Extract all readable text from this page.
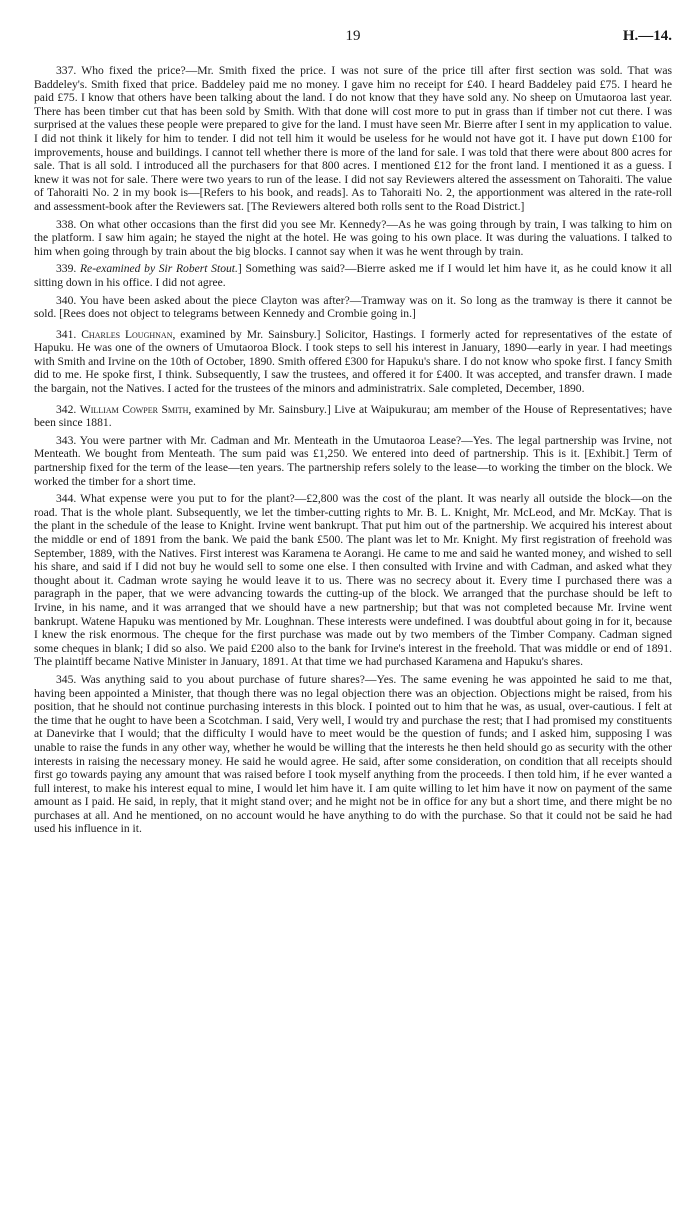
19	H.—14.

337. Who fixed the price?—Mr. Smith fixed the price. I was not sure of the price till after first section was sold. That was Baddeley's. Smith fixed that price. Baddeley paid me no money. I gave him no receipt for £40. I heard Baddeley paid £75. I heard he paid £75. I know that others have been talking about the land. I do not know that they have sold any. No sheep on Umutaoroa last year. There has been timber cut that has been sold by Smith. With that done will cost more to put in grass than if timber not cut there. I was surprised at the values these people were prepared to give for the land. I must have seen Mr. Bierre after I sent in my application to value. I did not think it likely for him to tender. I did not tell him it would be useless for he would not have got it. I have put down £100 for improvements, house and buildings. I cannot tell whether there is more of the land for sale. I was told that there were about 800 acres for sale. That is all sold. I introduced all the purchasers for that 800 acres. I mentioned £12 for the front land. I mentioned it as a guess. I knew it was not for sale. There were two years to run of the lease. I did not say Reviewers altered the assessment on Tahoraiti. The value of Tahoraiti No. 2 in my book is—[Refers to his book, and reads]. As to Tahoraiti No. 2, the apportionment was altered in the rate-roll and assessment-book after the Reviewers sat. [The Reviewers altered both rolls sent to the Road District.]

338. On what other occasions than the first did you see Mr. Kennedy?—As he was going through by train, I was talking to him on the platform. I saw him again; he stayed the night at the hotel. He was going to his own place. It was during the valuations. I talked to him when going through by train about the big blocks. I cannot say when it was he went through by train.

339. Re-examined by Sir Robert Stout.] Something was said?—Bierre asked me if I would let him have it, as he could know it all sitting down in his office. I did not agree.

340. You have been asked about the piece Clayton was after?—Tramway was on it. So long as the tramway is there it cannot be sold. [Rees does not object to telegrams between Kennedy and Crombie going in.]

341. Charles Loughnan, examined by Mr. Sainsbury.] Solicitor, Hastings. I formerly acted for representatives of the estate of Hapuku. He was one of the owners of Umutaoroa Block. I took steps to sell his interest in January, 1890—early in year. I had meetings with Smith and Irvine on the 10th of October, 1890. Smith offered £300 for Hapuku's share. I do not know who spoke first. I fancy Smith did to me. He spoke first, I think. Subsequently, I saw the trustees, and offered it for £400. It was accepted, and transfer drawn. I made the bargain, not the Natives. I acted for the trustees of the minors and administratrix. Sale completed, December, 1890.

342. William Cowper Smith, examined by Mr. Sainsbury.] Live at Waipukurau; am member of the House of Representatives; have been since 1881.

343. You were partner with Mr. Cadman and Mr. Menteath in the Umutaoroa Lease?—Yes. The legal partnership was Irvine, not Menteath. We bought from Menteath. The sum paid was £1,250. We entered into deed of partnership. This is it. [Exhibit.] Term of partnership fixed for the term of the lease—ten years. The partnership refers solely to the lease—to working the timber on the block. We worked the timber for a short time.

344. What expense were you put to for the plant?—£2,800 was the cost of the plant. It was nearly all outside the block—on the road. That is the whole plant. Subsequently, we let the timber-cutting rights to Mr. B. L. Knight, Mr. McLeod, and Mr. McKay. That is the plant in the schedule of the lease to Knight. Irvine went bankrupt. That put him out of the partnership. We acquired his interest about the middle or end of 1891 from the bank. We paid the bank £500. The plant was let to Mr. Knight. My first registration of freehold was September, 1889, with the Natives. First interest was Karamena te Aorangi. He came to me and said he wanted money, and wished to sell his share, and said if I did not buy he would sell to some one else. I then consulted with Irvine and with Cadman, and asked what they thought about it. Cadman wrote saying he would leave it to us. There was no secrecy about it. Every time I purchased there was a paragraph in the paper, that we were advancing towards the cutting-up of the block. We arranged that the purchase should be left to Irvine, in his name, and it was arranged that we should have a new partnership; but that was not completed because Mr. Irvine went bankrupt. Watene Hapuku was mentioned by Mr. Loughnan. These interests were undefined. I was doubtful about going in for it, because I knew the risk enormous. The cheque for the first purchase was made out by two members of the Timber Company. Cadman signed some cheques in blank; I did so also. We paid £200 also to the bank for Irvine's interest in the freehold. That was middle or end of 1891. The plaintiff became Native Minister in January, 1891. At that time we had purchased Karamena and Hapuku's shares.

345. Was anything said to you about purchase of future shares?—Yes. The same evening he was appointed he said to me that, having been appointed a Minister, that though there was no legal objection there was an objection. Objections might be raised, from his position, that he should not continue purchasing interests in this block. I pointed out to him that he was, as usual, over-cautious. I felt at the time that he ought to have been a Scotchman. I said, Very well, I would try and purchase the rest; that I had promised my constituents at Danevirke that I would; that the difficulty I would have to meet would be the question of funds; and I asked him, supposing I was unable to raise the funds in any other way, whether he would be willing that the interests he then held should go as security with the other interests in raising the necessary money. He said he would agree. He said, after some consideration, on condition that all receipts should first go towards paying any amount that was raised before I took myself anything from the proceeds. I then told him, if he ever wanted a full interest, to make his interest equal to mine, I would let him have it. I am quite willing to let him have it now on payment of the same amount as I paid. He said, in reply, that it might stand over; and he might not be in office for any but a short time, and there might be no purchases at all. And he mentioned, on no account would he have anything to do with the purchase. So that it could not be said he had used his influence in it.
